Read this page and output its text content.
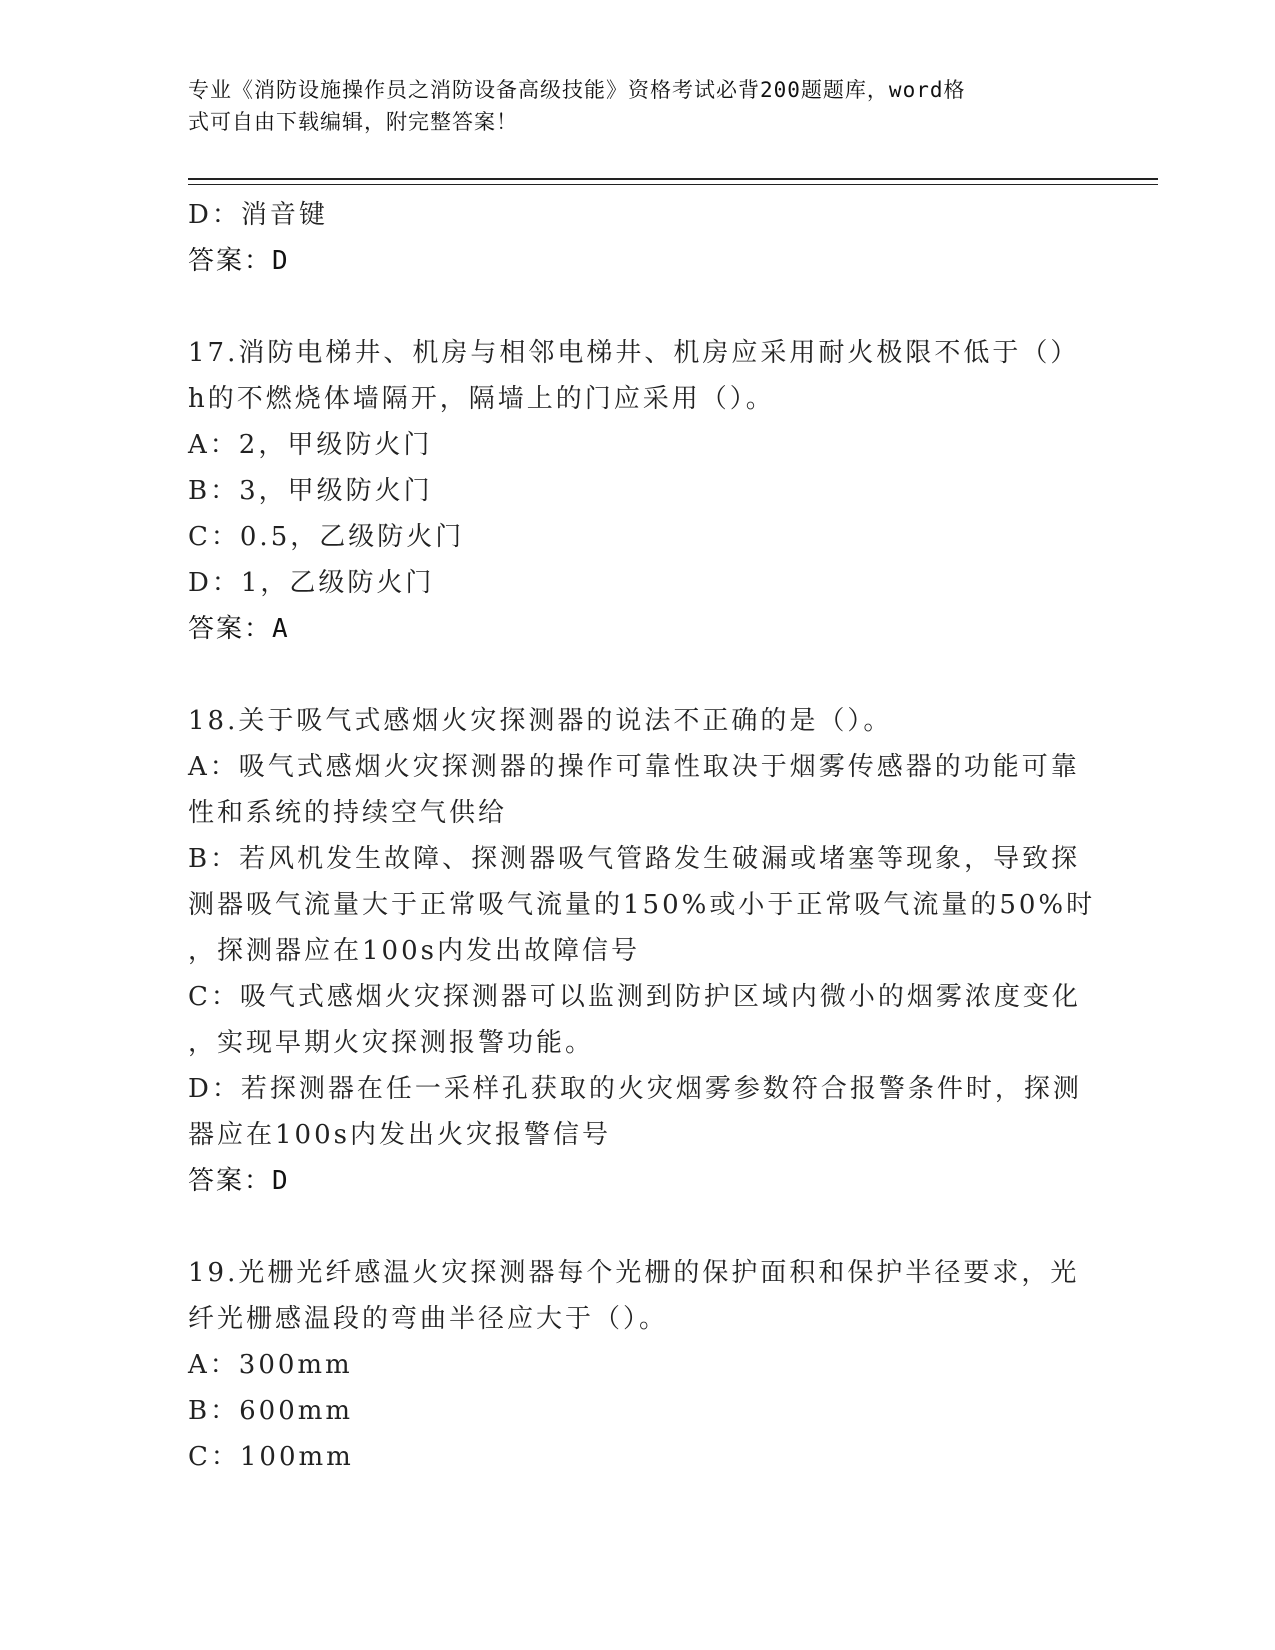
专业《消防设施操作员之消防设备高级技能》资格考试必背200题题库，word格
式可自由下载编辑，附完整答案！
D：消音键
答案：D
17.消防电梯井、机房与相邻电梯井、机房应采用耐火极限不低于（）
h的不燃烧体墙隔开，隔墙上的门应采用（）。
A：2，甲级防火门
B：3，甲级防火门
C：0.5，乙级防火门
D：1，乙级防火门
答案：A
18.关于吸气式感烟火灾探测器的说法不正确的是（）。
A：吸气式感烟火灾探测器的操作可靠性取决于烟雾传感器的功能可靠
性和系统的持续空气供给
B：若风机发生故障、探测器吸气管路发生破漏或堵塞等现象，导致探
测器吸气流量大于正常吸气流量的150%或小于正常吸气流量的50%时
，探测器应在100s内发出故障信号
C：吸气式感烟火灾探测器可以监测到防护区域内微小的烟雾浓度变化
，实现早期火灾探测报警功能。
D：若探测器在任一采样孔获取的火灾烟雾参数符合报警条件时，探测
器应在100s内发出火灾报警信号
答案：D
19.光栅光纤感温火灾探测器每个光栅的保护面积和保护半径要求，光
纤光栅感温段的弯曲半径应大于（）。
A：300mm
B：600mm
C：100mm
